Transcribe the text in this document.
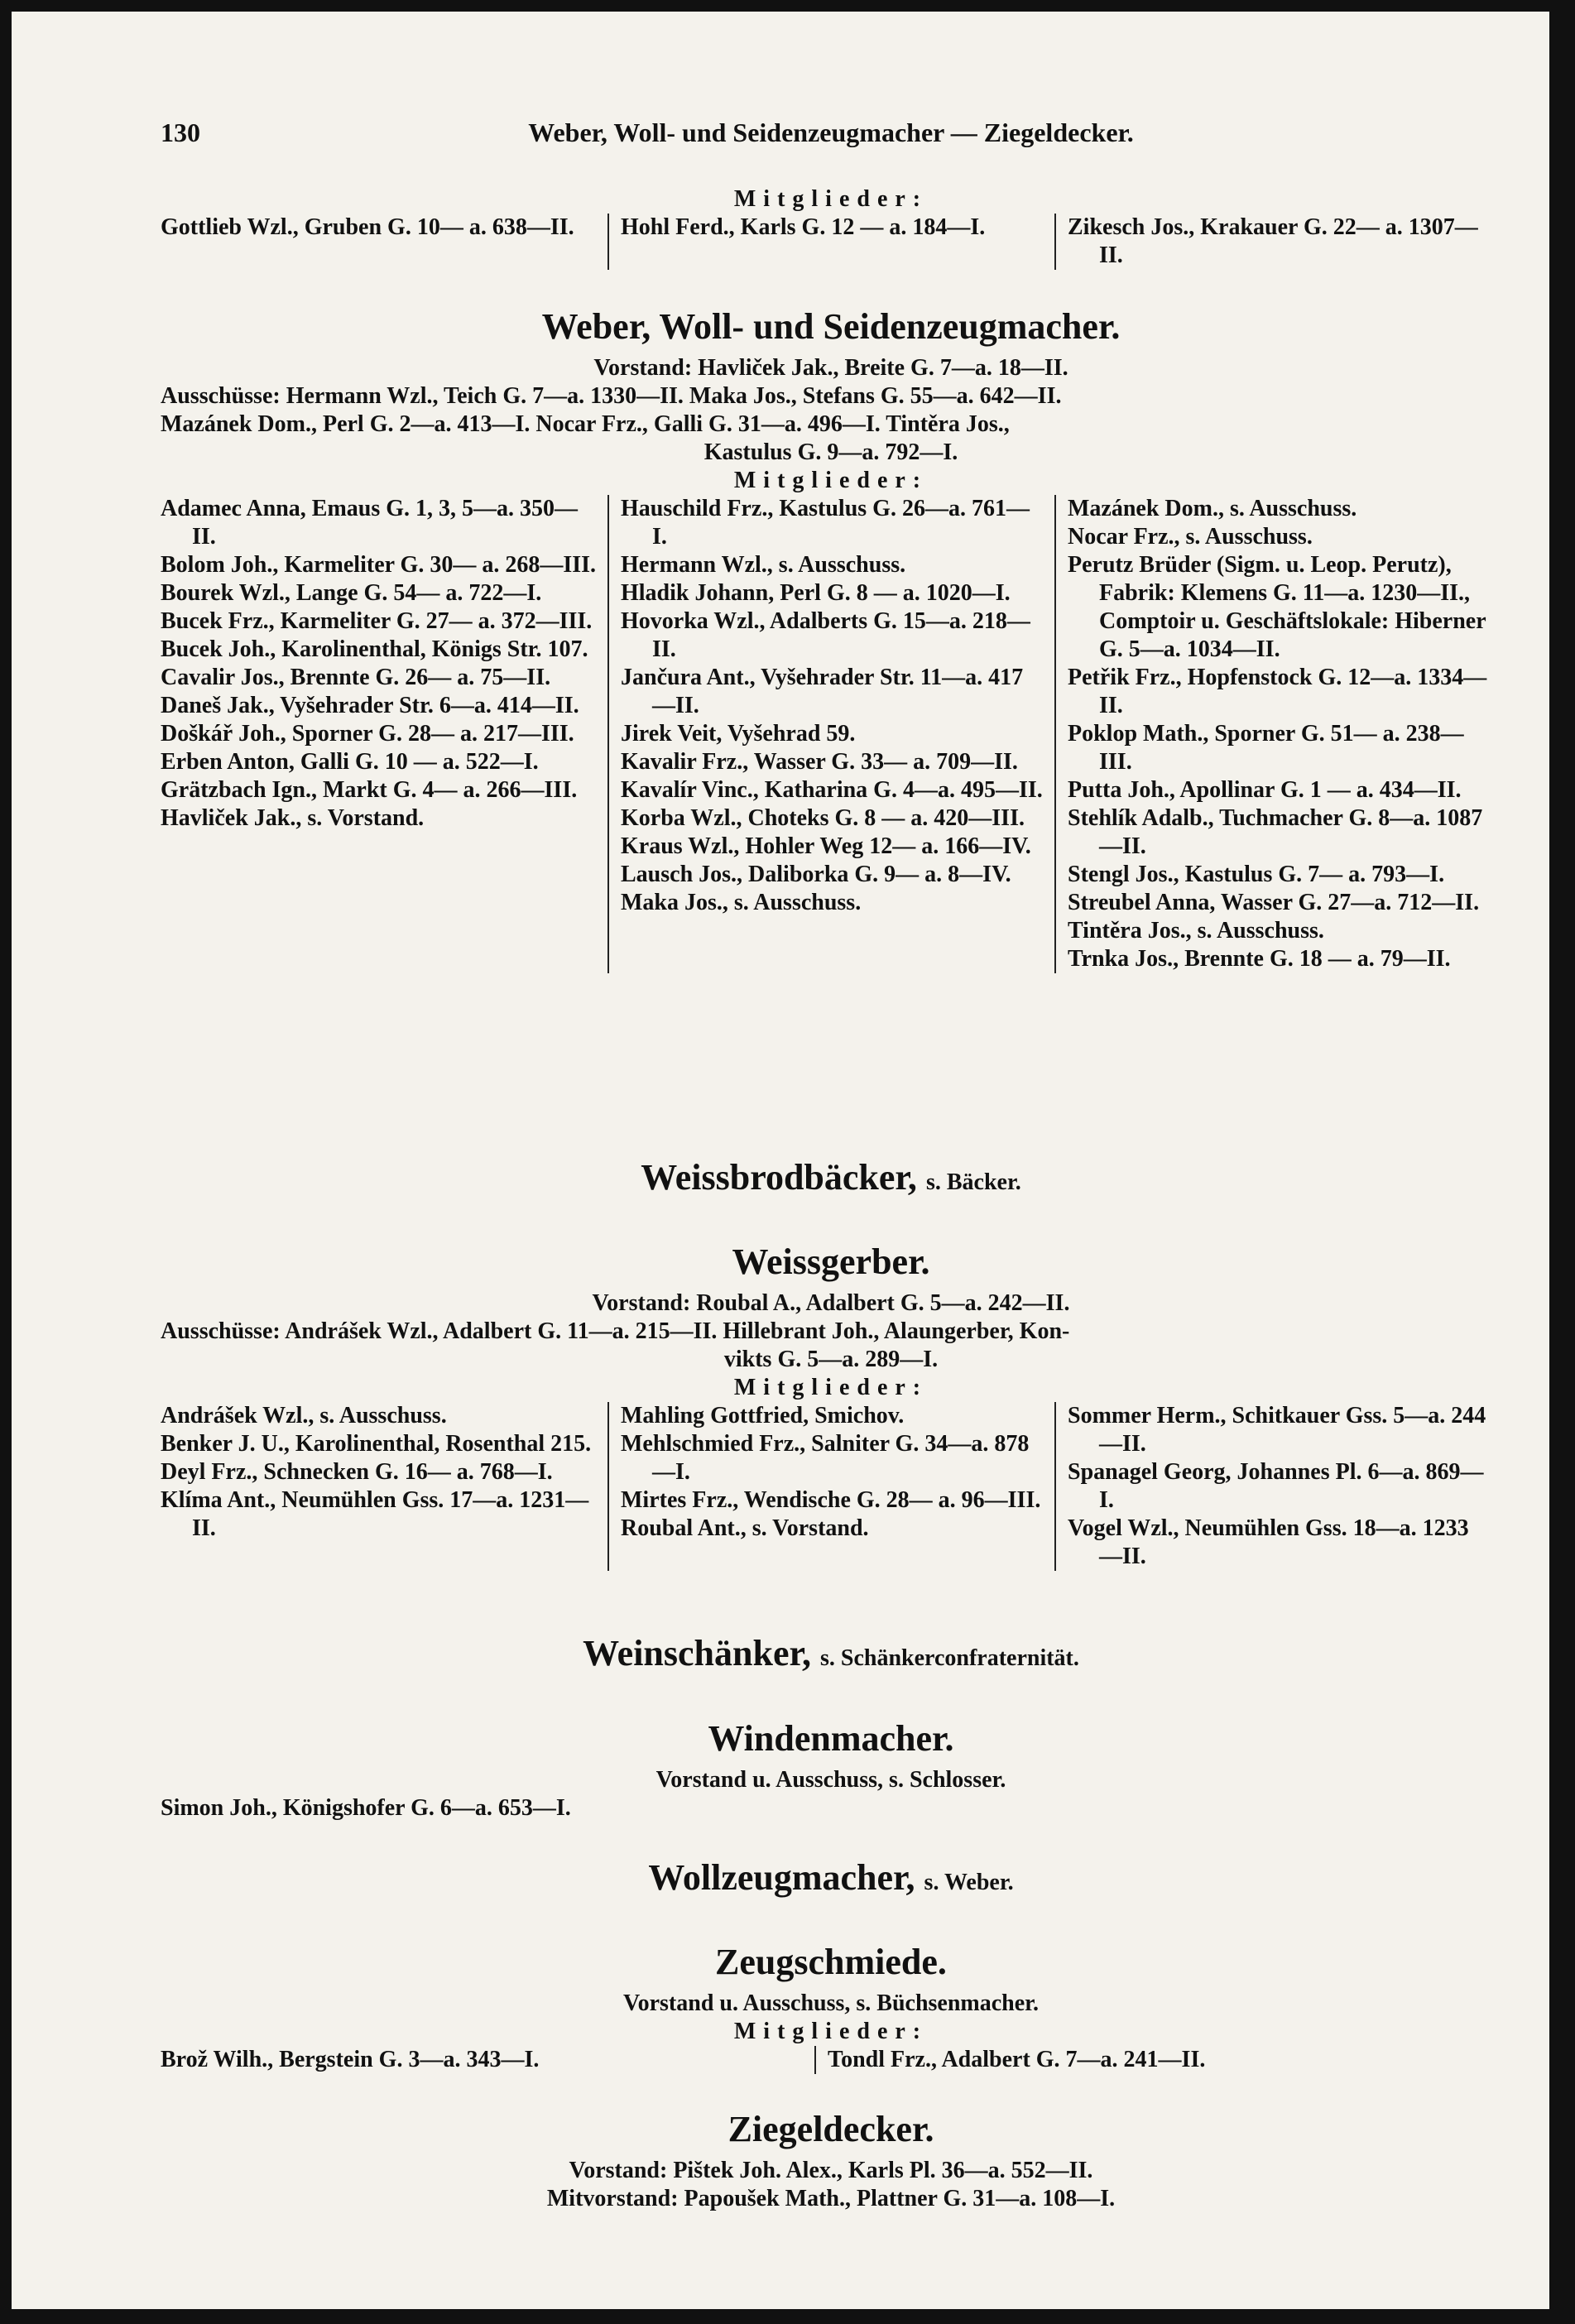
130	Weber, Woll- und Seidenzeugmacher — Ziegeldecker.
Mitglieder:
Gottlieb Wzl., Gruben G. 10— a. 638—II.	Hohl Ferd., Karls G. 12 — a. 184—I.	Zikesch Jos., Krakauer G. 22— a. 1307—II.
Weber, Woll- und Seidenzeugmacher.
Vorstand: Havliček Jak., Breite G. 7—a. 18—II.
Ausschüsse: Hermann Wzl., Teich G. 7—a. 1330—II. Maka Jos., Stefans G. 55—a. 642—II.
Mazánek Dom., Perl G. 2—a. 413—I. Nocar Frz., Galli G. 31—a. 496—I. Tintěra Jos.,
Kastulus G. 9—a. 792—I.
Mitglieder:
Adamec Anna, Emaus G. 1, 3, 5—a. 350—II.
Bolom Joh., Karmeliter G. 30— a. 268—III.
Bourek Wzl., Lange G. 54— a. 722—I.
Bucek Frz., Karmeliter G. 27— a. 372—III.
Bucek Joh., Karolinenthal, Königs Str. 107.
Cavalir Jos., Brennte G. 26— a. 75—II.
Daneš Jak., Vyšehrader Str. 6—a. 414—II.
Doškář Joh., Sporner G. 28— a. 217—III.
Erben Anton, Galli G. 10 — a. 522—I.
Grätzbach Ign., Markt G. 4— a. 266—III.
Havliček Jak., s. Vorstand.
Hauschild Frz., Kastulus G. 26—a. 761—I.
Hermann Wzl., s. Ausschuss.
Hladik Johann, Perl G. 8 — a. 1020—I.
Hovorka Wzl., Adalberts G. 15—a. 218—II.
Jančura Ant., Vyšehrader Str. 11—a. 417—II.
Jirek Veit, Vyšehrad 59.
Kavalir Frz., Wasser G. 33— a. 709—II.
Kavalír Vinc., Katharina G. 4—a. 495—II.
Korba Wzl., Choteks G. 8 — a. 420—III.
Kraus Wzl., Hohler Weg 12— a. 166—IV.
Lausch Jos., Daliborka G. 9— a. 8—IV.
Maka Jos., s. Ausschuss.
Mazánek Dom., s. Ausschuss.
Nocar Frz., s. Ausschuss.
Perutz Brüder (Sigm. u. Leop. Perutz), Fabrik: Klemens G. 11—a. 1230—II., Comptoir u. Geschäftslokale: Hiberner G. 5—a. 1034—II.
Petřik Frz., Hopfenstock G. 12—a. 1334—II.
Poklop Math., Sporner G. 51— a. 238—III.
Putta Joh., Apollinar G. 1 — a. 434—II.
Stehlík Adalb., Tuchmacher G. 8—a. 1087—II.
Stengl Jos., Kastulus G. 7— a. 793—I.
Streubel Anna, Wasser G. 27—a. 712—II.
Tintěra Jos., s. Ausschuss.
Trnka Jos., Brennte G. 18 — a. 79—II.
Weissbrodbäcker, s. Bäcker.
Weissgerber.
Vorstand: Roubal A., Adalbert G. 5—a. 242—II.
Ausschüsse: Andrášek Wzl., Adalbert G. 11—a. 215—II. Hillebrant Joh., Alaungerber, Kon-
vikts G. 5—a. 289—I.
Mitglieder:
Andrášek Wzl., s. Ausschuss.
Benker J. U., Karolinenthal, Rosenthal 215.
Deyl Frz., Schnecken G. 16— a. 768—I.
Klíma Ant., Neumühlen Gss. 17—a. 1231—II.
Mahling Gottfried, Smichov.
Mehlschmied Frz., Salniter G. 34—a. 878—I.
Mirtes Frz., Wendische G. 28— a. 96—III.
Roubal Ant., s. Vorstand.
Sommer Herm., Schitkauer Gss. 5—a. 244—II.
Spanagel Georg, Johannes Pl. 6—a. 869—I.
Vogel Wzl., Neumühlen Gss. 18—a. 1233—II.
Weinschänker, s. Schänkerconfraternität.
Windenmacher.
Vorstand u. Ausschuss, s. Schlosser.
Simon Joh., Königshofer G. 6—a. 653—I.
Wollzeugmacher, s. Weber.
Zeugschmiede.
Vorstand u. Ausschuss, s. Büchsenmacher.
Mitglieder:
Brož Wilh., Bergstein G. 3—a. 343—I.	Tondl Frz., Adalbert G. 7—a. 241—II.
Ziegeldecker.
Vorstand: Pištek Joh. Alex., Karls Pl. 36—a. 552—II.
Mitvorstand: Papoušek Math., Plattner G. 31—a. 108—I.
